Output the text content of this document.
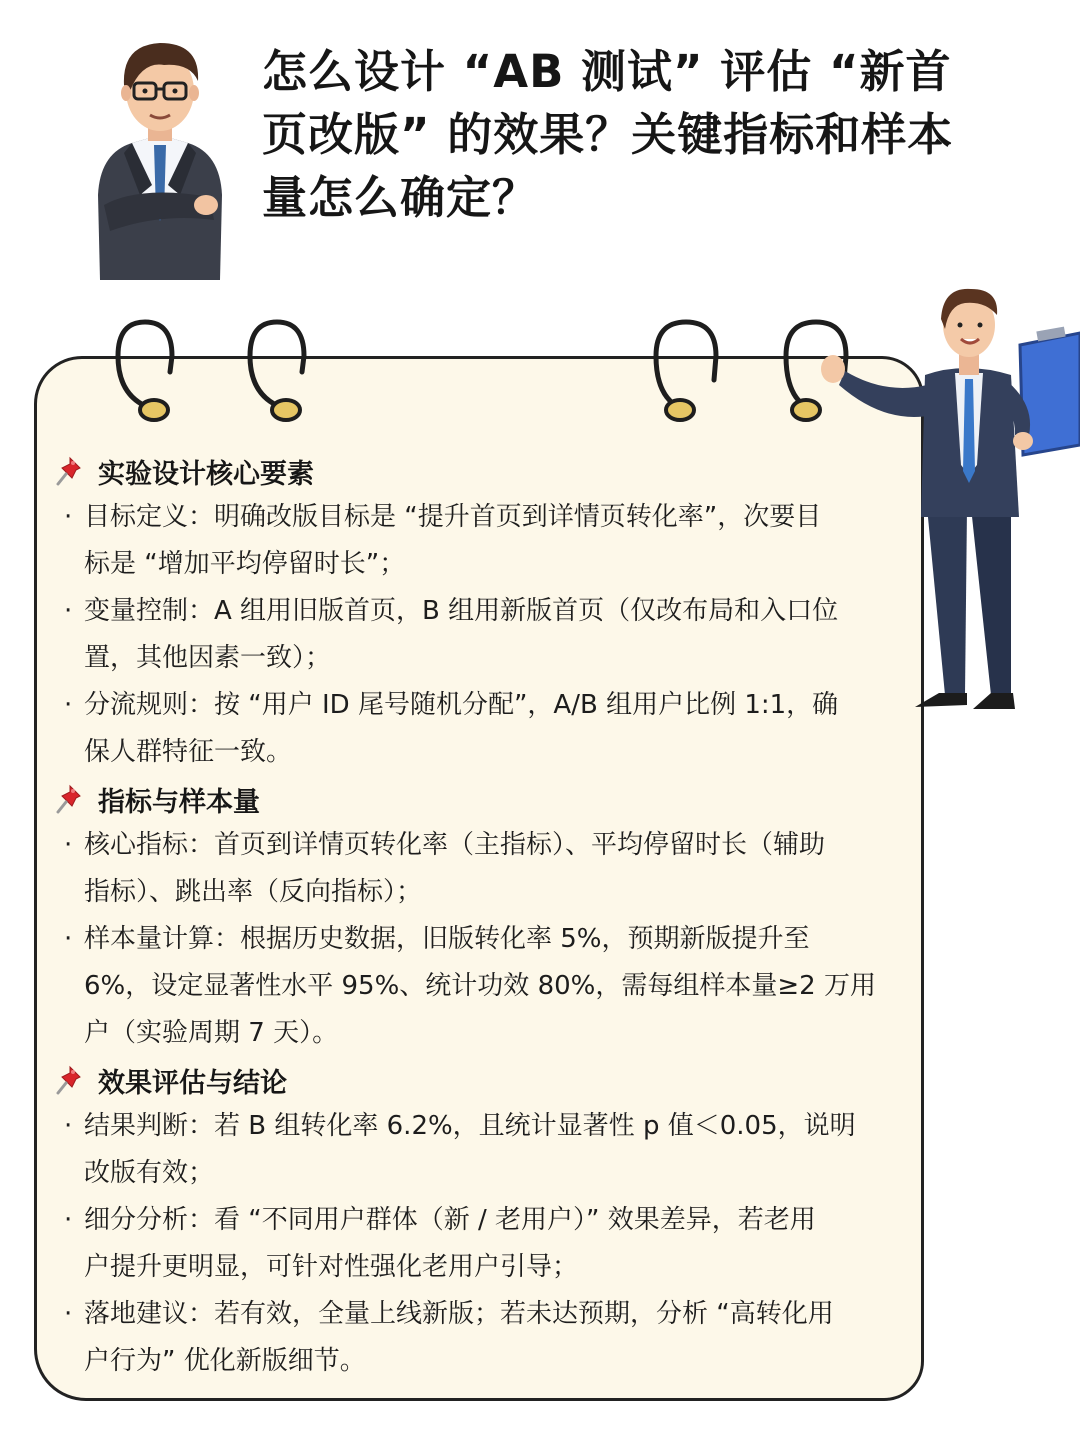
怎么设计 “AB 测试” 评估 “新首
页改版” 的效果？关键指标和样本
量怎么确定？
实验设计核心要素
· 目标定义：明确改版目标是 “提升首页到详情页转化率”，次要目
标是 “增加平均停留时长”；
· 变量控制：A 组用旧版首页，B 组用新版首页（仅改布局和入口位
置，其他因素一致）；
· 分流规则：按 “用户 ID 尾号随机分配”，A/B 组用户比例 1:1，确
保人群特征一致。
指标与样本量
· 核心指标：首页到详情页转化率（主指标）、平均停留时长（辅助
指标）、跳出率（反向指标）；
· 样本量计算：根据历史数据，旧版转化率 5%，预期新版提升至
6%，设定显著性水平 95%、统计功效 80%，需每组样本量≥2 万用
户（实验周期 7 天）。
效果评估与结论
· 结果判断：若 B 组转化率 6.2%，且统计显著性 p 值＜0.05，说明
改版有效；
· 细分分析：看 “不同用户群体（新 / 老用户）” 效果差异，若老用
户提升更明显，可针对性强化老用户引导；
· 落地建议：若有效，全量上线新版；若未达预期，分析 “高转化用
户行为” 优化新版细节。
